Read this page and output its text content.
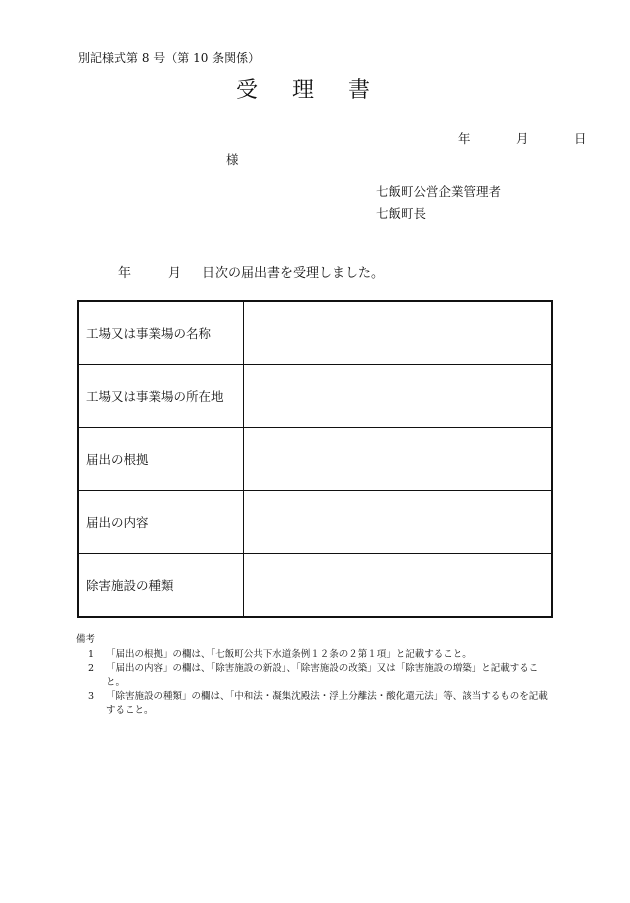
別記様式第 8 号（第 10 条関係）
受理書
年	月	日
様
七飯町公営企業管理者
七飯町長
年	月 日次の届出書を受理しました。
工場又は事業場の名称	
工場又は事業場の所在地	
届出の根拠	
届出の内容	
除害施設の種類	
備考
1	「届出の根拠」の欄は、「七飯町公共下水道条例１２条の２第１項」と記載すること。
2	「届出の内容」の欄は、「除害施設の新設」、「除害施設の改築」又は「除害施設の増築」と記載すること。
3	「除害施設の種類」の欄は、「中和法・凝集沈殿法・浮上分離法・酸化還元法」等、該当するものを記載すること。
